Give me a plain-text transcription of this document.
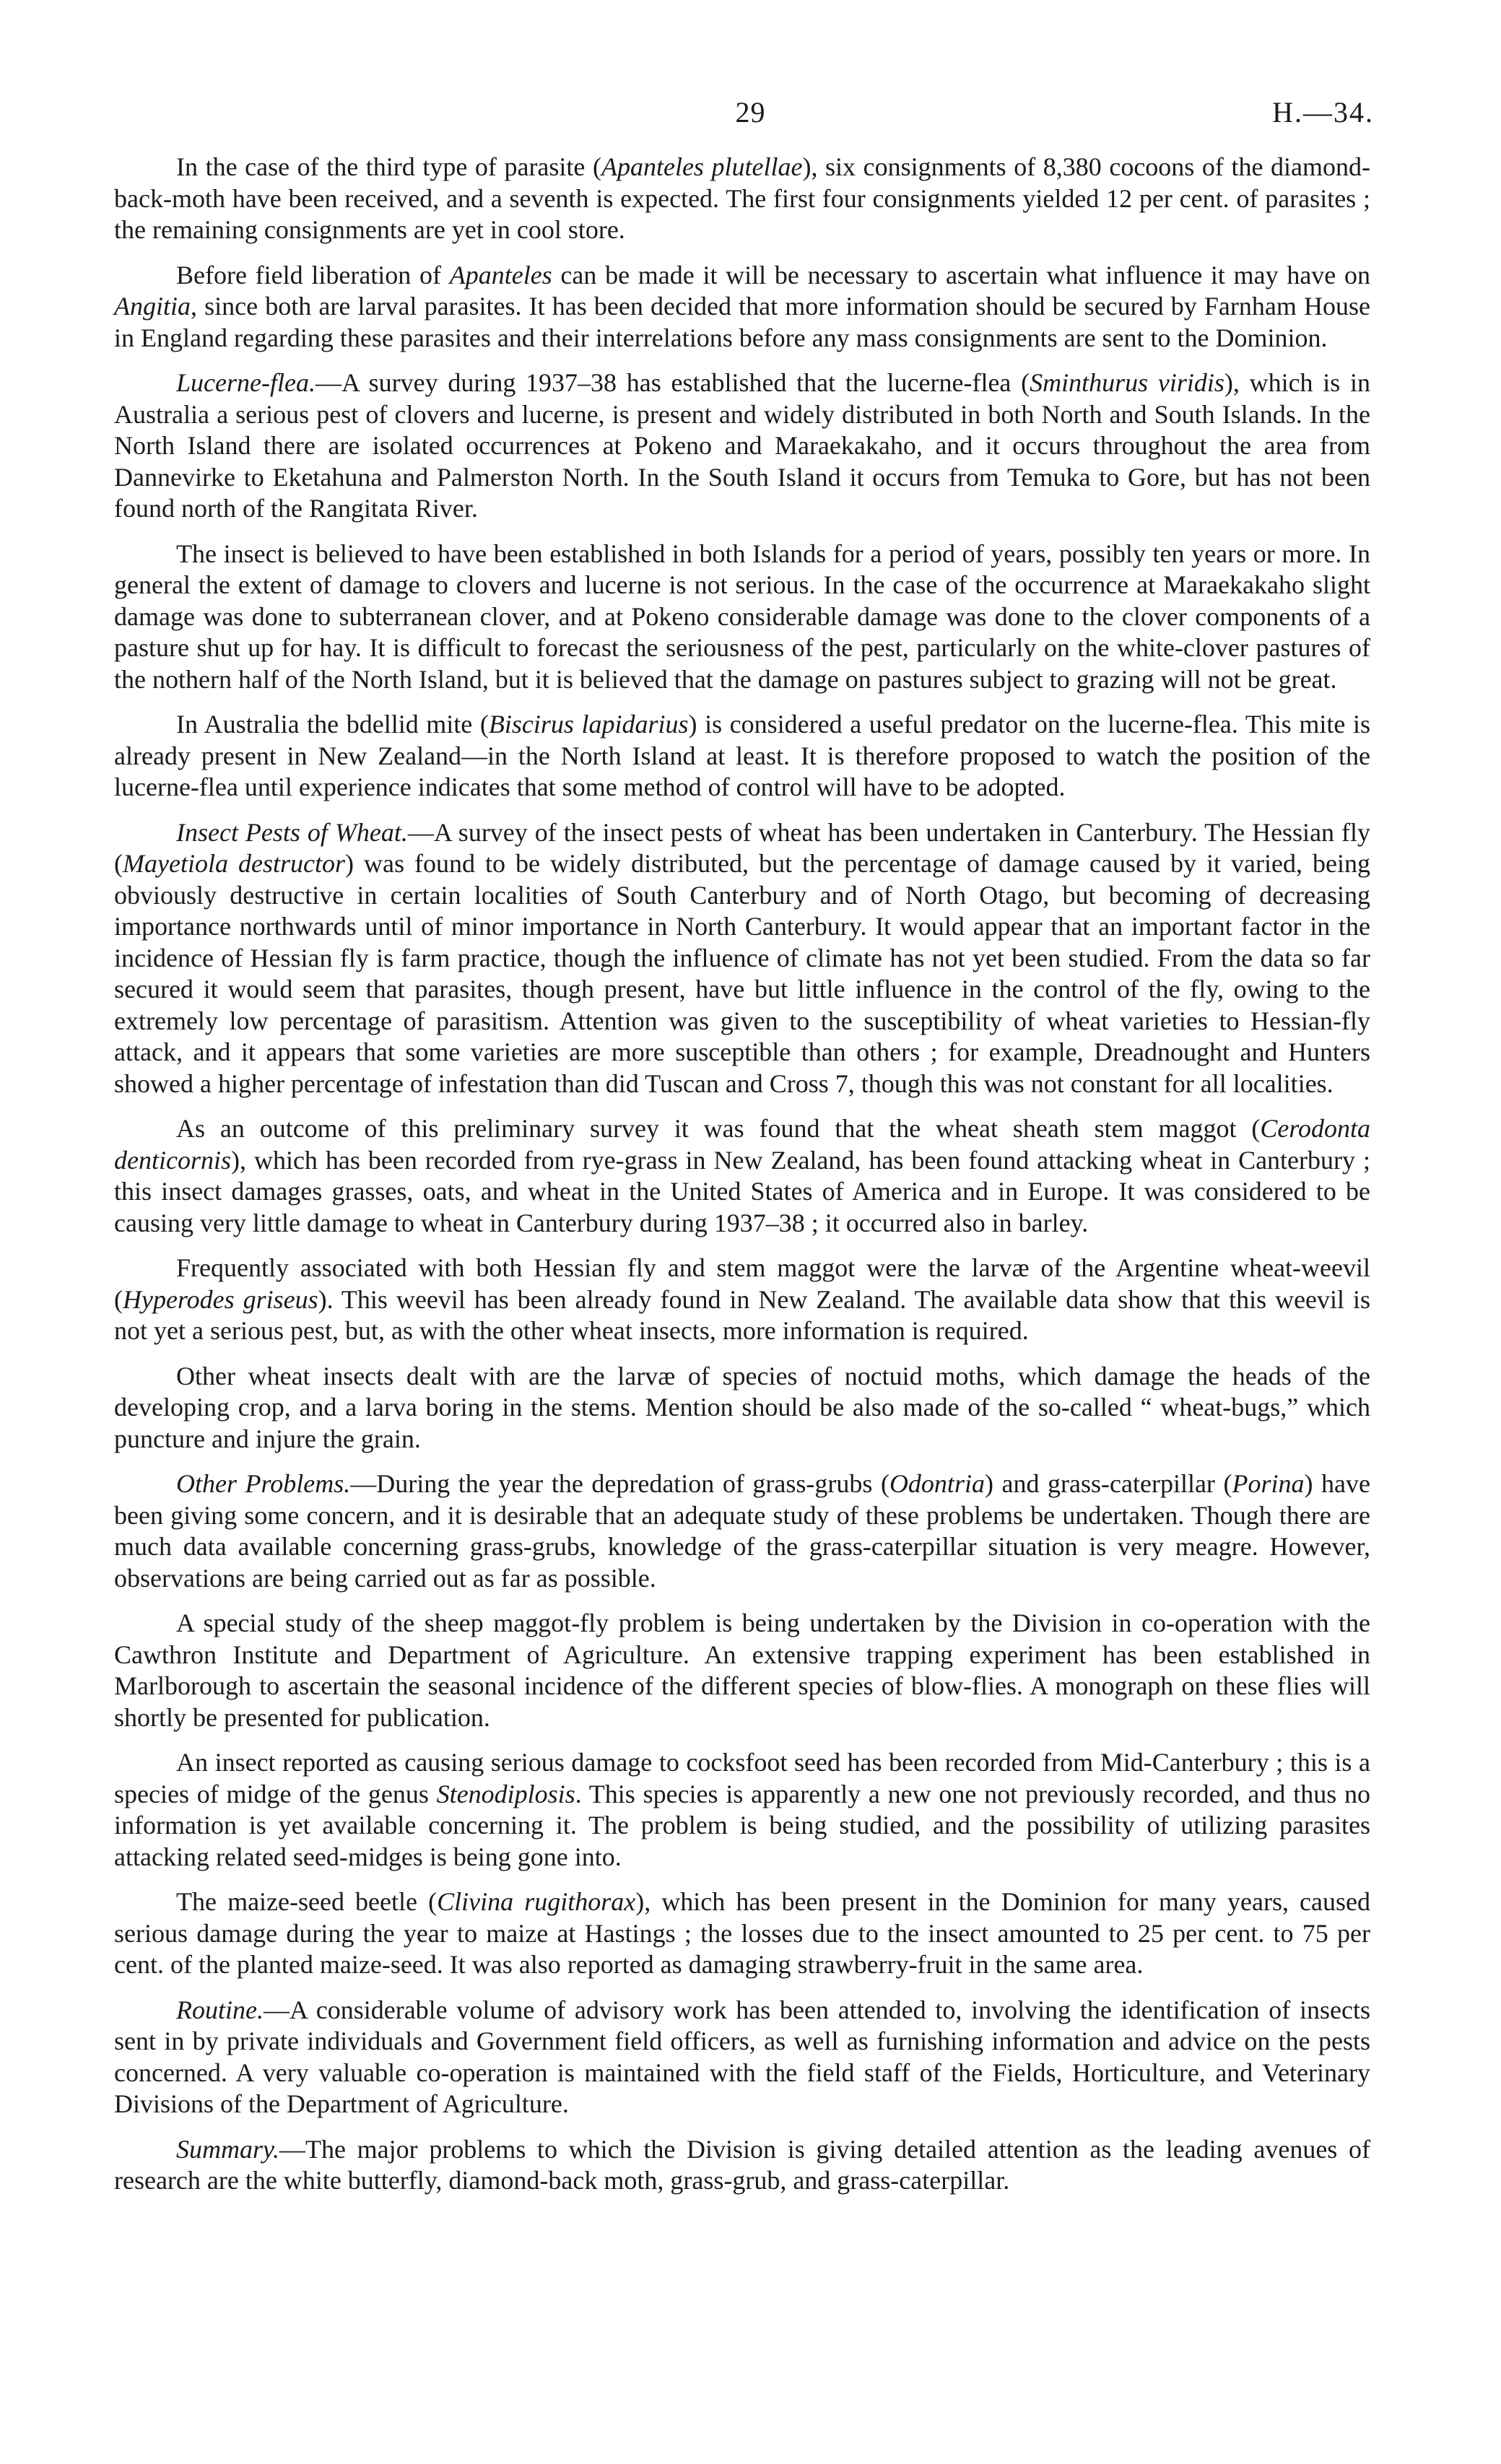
29	H.—34.

In the case of the third type of parasite (Apanteles plutellae), six consignments of 8,380 cocoons of the diamond-back-moth have been received, and a seventh is expected. The first four consignments yielded 12 per cent. of parasites ; the remaining consignments are yet in cool store.

Before field liberation of Apanteles can be made it will be necessary to ascertain what influence it may have on Angitia, since both are larval parasites. It has been decided that more information should be secured by Farnham House in England regarding these parasites and their interrelations before any mass consignments are sent to the Dominion.

Lucerne-flea.—A survey during 1937–38 has established that the lucerne-flea (Sminthurus viridis), which is in Australia a serious pest of clovers and lucerne, is present and widely distributed in both North and South Islands. In the North Island there are isolated occurrences at Pokeno and Maraekakaho, and it occurs throughout the area from Dannevirke to Eketahuna and Palmerston North. In the South Island it occurs from Temuka to Gore, but has not been found north of the Rangitata River.

The insect is believed to have been established in both Islands for a period of years, possibly ten years or more. In general the extent of damage to clovers and lucerne is not serious. In the case of the occurrence at Maraekakaho slight damage was done to subterranean clover, and at Pokeno considerable damage was done to the clover components of a pasture shut up for hay. It is difficult to forecast the seriousness of the pest, particularly on the white-clover pastures of the nothern half of the North Island, but it is believed that the damage on pastures subject to grazing will not be great.

In Australia the bdellid mite (Biscirus lapidarius) is considered a useful predator on the lucerne-flea. This mite is already present in New Zealand—in the North Island at least. It is therefore proposed to watch the position of the lucerne-flea until experience indicates that some method of control will have to be adopted.

Insect Pests of Wheat.—A survey of the insect pests of wheat has been undertaken in Canterbury. The Hessian fly (Mayetiola destructor) was found to be widely distributed, but the percentage of damage caused by it varied, being obviously destructive in certain localities of South Canterbury and of North Otago, but becoming of decreasing importance northwards until of minor importance in North Canterbury. It would appear that an important factor in the incidence of Hessian fly is farm practice, though the influence of climate has not yet been studied. From the data so far secured it would seem that parasites, though present, have but little influence in the control of the fly, owing to the extremely low percentage of parasitism. Attention was given to the susceptibility of wheat varieties to Hessian-fly attack, and it appears that some varieties are more susceptible than others ; for example, Dreadnought and Hunters showed a higher percentage of infestation than did Tuscan and Cross 7, though this was not constant for all localities.

As an outcome of this preliminary survey it was found that the wheat sheath stem maggot (Cerodonta denticornis), which has been recorded from rye-grass in New Zealand, has been found attacking wheat in Canterbury ; this insect damages grasses, oats, and wheat in the United States of America and in Europe. It was considered to be causing very little damage to wheat in Canterbury during 1937–38 ; it occurred also in barley.

Frequently associated with both Hessian fly and stem maggot were the larvæ of the Argentine wheat-weevil (Hyperodes griseus). This weevil has been already found in New Zealand. The available data show that this weevil is not yet a serious pest, but, as with the other wheat insects, more information is required.

Other wheat insects dealt with are the larvæ of species of noctuid moths, which damage the heads of the developing crop, and a larva boring in the stems. Mention should be also made of the so-called “ wheat-bugs,” which puncture and injure the grain.

Other Problems.—During the year the depredation of grass-grubs (Odontria) and grass-caterpillar (Porina) have been giving some concern, and it is desirable that an adequate study of these problems be undertaken. Though there are much data available concerning grass-grubs, knowledge of the grass-caterpillar situation is very meagre. However, observations are being carried out as far as possible.

A special study of the sheep maggot-fly problem is being undertaken by the Division in co-operation with the Cawthron Institute and Department of Agriculture. An extensive trapping experiment has been established in Marlborough to ascertain the seasonal incidence of the different species of blow-flies. A monograph on these flies will shortly be presented for publication.

An insect reported as causing serious damage to cocksfoot seed has been recorded from Mid-Canterbury ; this is a species of midge of the genus Stenodiplosis. This species is apparently a new one not previously recorded, and thus no information is yet available concerning it. The problem is being studied, and the possibility of utilizing parasites attacking related seed-midges is being gone into.

The maize-seed beetle (Clivina rugithorax), which has been present in the Dominion for many years, caused serious damage during the year to maize at Hastings ; the losses due to the insect amounted to 25 per cent. to 75 per cent. of the planted maize-seed. It was also reported as damaging strawberry-fruit in the same area.

Routine.—A considerable volume of advisory work has been attended to, involving the identification of insects sent in by private individuals and Government field officers, as well as furnishing information and advice on the pests concerned. A very valuable co-operation is maintained with the field staff of the Fields, Horticulture, and Veterinary Divisions of the Department of Agriculture.

Summary.—The major problems to which the Division is giving detailed attention as the leading avenues of research are the white butterfly, diamond-back moth, grass-grub, and grass-caterpillar.
